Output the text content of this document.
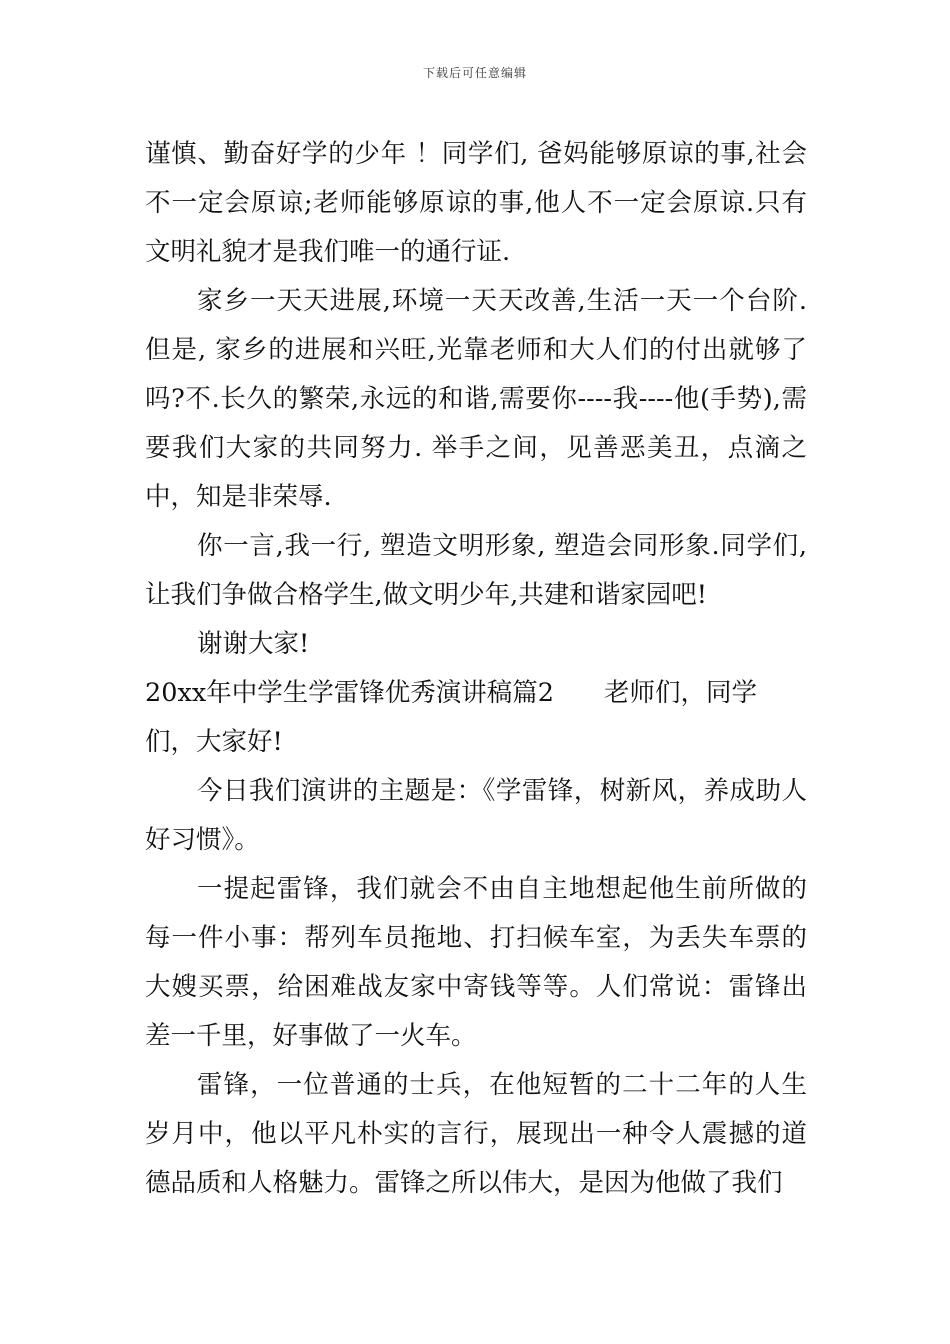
下载后可任意编辑

谨慎、勤奋好学的少年 ！同学们, 爸妈能够原谅的事,社会不一定会原谅;老师能够原谅的事,他人不一定会原谅.只有文明礼貌才是我们唯一的通行证.

家乡一天天进展,环境一天天改善,生活一天一个台阶.但是, 家乡的进展和兴旺,光靠老师和大人们的付出就够了吗?不.长久的繁荣,永远的和谐,需要你----我----他(手势),需要我们大家的共同努力. 举手之间，见善恶美丑，点滴之中，知是非荣辱.

你一言,我一行, 塑造文明形象, 塑造会同形象.同学们,让我们争做合格学生,做文明少年,共建和谐家园吧!

谢谢大家!

20xx年中学生学雷锋优秀演讲稿篇2 老师们，同学们，大家好!

今日我们演讲的主题是：《学雷锋，树新风，养成助人好习惯》。

一提起雷锋，我们就会不由自主地想起他生前所做的每一件小事：帮列车员拖地、打扫候车室，为丢失车票的大嫂买票，给困难战友家中寄钱等等。人们常说：雷锋出差一千里，好事做了一火车。

雷锋，一位普通的士兵，在他短暂的二十二年的人生岁月中，他以平凡朴实的言行，展现出一种令人震撼的道德品质和人格魅力。雷锋之所以伟大，是因为他做了我们
